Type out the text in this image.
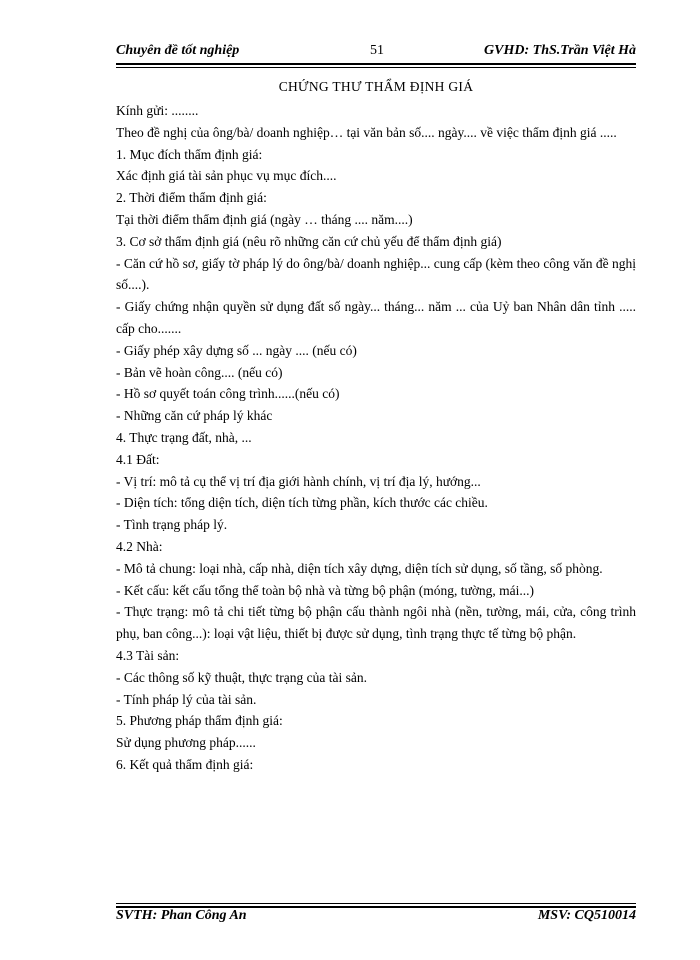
Chuyên đề tốt nghiệp	51	GVHD: ThS.Trần Việt Hà
CHỨNG THƯ THẨM ĐỊNH GIÁ

Kính gửi: ........

Theo đề nghị của ông/bà/ doanh nghiệp… tại văn bản số.... ngày.... về việc thẩm định giá .....

1. Mục đích thẩm định giá:

Xác định giá tài sản phục vụ mục đích....

2. Thời điểm thẩm định giá:

Tại thời điểm thẩm định giá (ngày … tháng .... năm....)

3. Cơ sở thẩm định giá (nêu rõ những căn cứ chủ yếu để thẩm định giá)

- Căn cứ hồ sơ, giấy tờ pháp lý do ông/bà/ doanh nghiệp... cung cấp (kèm theo công văn đề nghị số....).

- Giấy chứng nhận quyền sử dụng đất số ngày... tháng... năm ... của Uỷ ban Nhân dân tỉnh ..... cấp cho.......

- Giấy phép xây dựng số ... ngày .... (nếu có)

- Bản vẽ hoàn công.... (nếu có)

- Hồ sơ quyết toán công trình......(nếu có)

- Những căn cứ pháp lý khác

4. Thực trạng đất, nhà, ...

4.1 Đất:

- Vị trí: mô tả cụ thể vị trí địa giới hành chính, vị trí địa lý, hướng...

- Diện tích: tổng diện tích, diện tích từng phần, kích thước các chiều.

- Tình trạng pháp lý.

4.2 Nhà:

- Mô tả chung: loại nhà, cấp nhà, diện tích xây dựng, diện tích sử dụng, số tầng, số phòng.

- Kết cấu: kết cấu tổng thể toàn bộ nhà và từng bộ phận (móng, tường, mái...)

- Thực trạng: mô tả chi tiết từng bộ phận cấu thành ngôi nhà (nền, tường, mái, cửa, công trình phụ, ban công...): loại vật liệu, thiết bị được sử dụng, tình trạng thực tế từng bộ phận.

4.3 Tài sản:

- Các thông số kỹ thuật, thực trạng của tài sản.

- Tính pháp lý của tài sản.

5. Phương pháp thẩm định giá:

Sử dụng phương pháp......

6. Kết quả thẩm định giá:

SVTH: Phan Công An	MSV: CQ510014
